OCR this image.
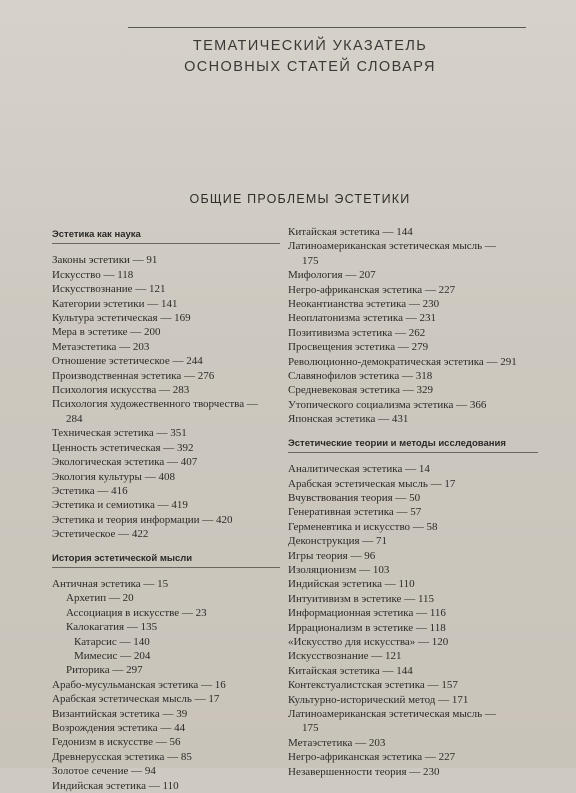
ТЕМАТИЧЕСКИЙ УКАЗАТЕЛЬ
ОСНОВНЫХ СТАТЕЙ СЛОВАРЯ
ОБЩИЕ ПРОБЛЕМЫ ЭСТЕТИКИ
Эстетика как наука
Законы эстетики — 91
Искусство — 118
Искусствознание — 121
Категории эстетики — 141
Культура эстетическая — 169
Мера в эстетике — 200
Метаэстетика — 203
Отношение эстетическое — 244
Производственная эстетика — 276
Психология искусства — 283
Психология художественного творчества —
284
Техническая эстетика — 351
Ценность эстетическая — 392
Экологическая эстетика — 407
Экология культуры — 408
Эстетика — 416
Эстетика и семиотика — 419
Эстетика и теория информации — 420
Эстетическое — 422
История эстетической мысли
Античная эстетика — 15
Архетип — 20
Ассоциация в искусстве — 23
Калокагатия — 135
Катарсис — 140
Мимесис — 204
Риторика — 297
Арабо-мусульманская эстетика — 16
Арабская эстетическая мысль — 17
Византийская эстетика — 39
Возрождения эстетика — 44
Гедонизм в искусстве — 56
Древнерусская эстетика — 85
Золотое сечение — 94
Индийская эстетика — 110
Китайская эстетика — 144
Латиноамериканская эстетическая мысль —
175
Мифология — 207
Негро-африканская эстетика — 227
Неокантианства эстетика — 230
Неоплатонизма эстетика — 231
Позитивизма эстетика — 262
Просвещения эстетика — 279
Революционно-демократическая эстетика — 291
Славянофилов эстетика — 318
Средневековая эстетика — 329
Утопического социализма эстетика — 366
Японская эстетика — 431
Эстетические теории и методы исследования
Аналитическая эстетика — 14
Арабская эстетическая мысль — 17
Вчувствования теория — 50
Генеративная эстетика — 57
Герменевтика и искусство — 58
Деконструкция — 71
Игры теория — 96
Изоляционизм — 103
Индийская эстетика — 110
Интуитивизм в эстетике — 115
Информационная эстетика — 116
Иррационализм в эстетике — 118
«Искусство для искусства» — 120
Искусствознание — 121
Китайская эстетика — 144
Контекстуалистская эстетика — 157
Культурно-исторический метод — 171
Латиноамериканская эстетическая мысль —
175
Метаэстетика — 203
Негро-африканская эстетика — 227
Незавершенности теория — 230
